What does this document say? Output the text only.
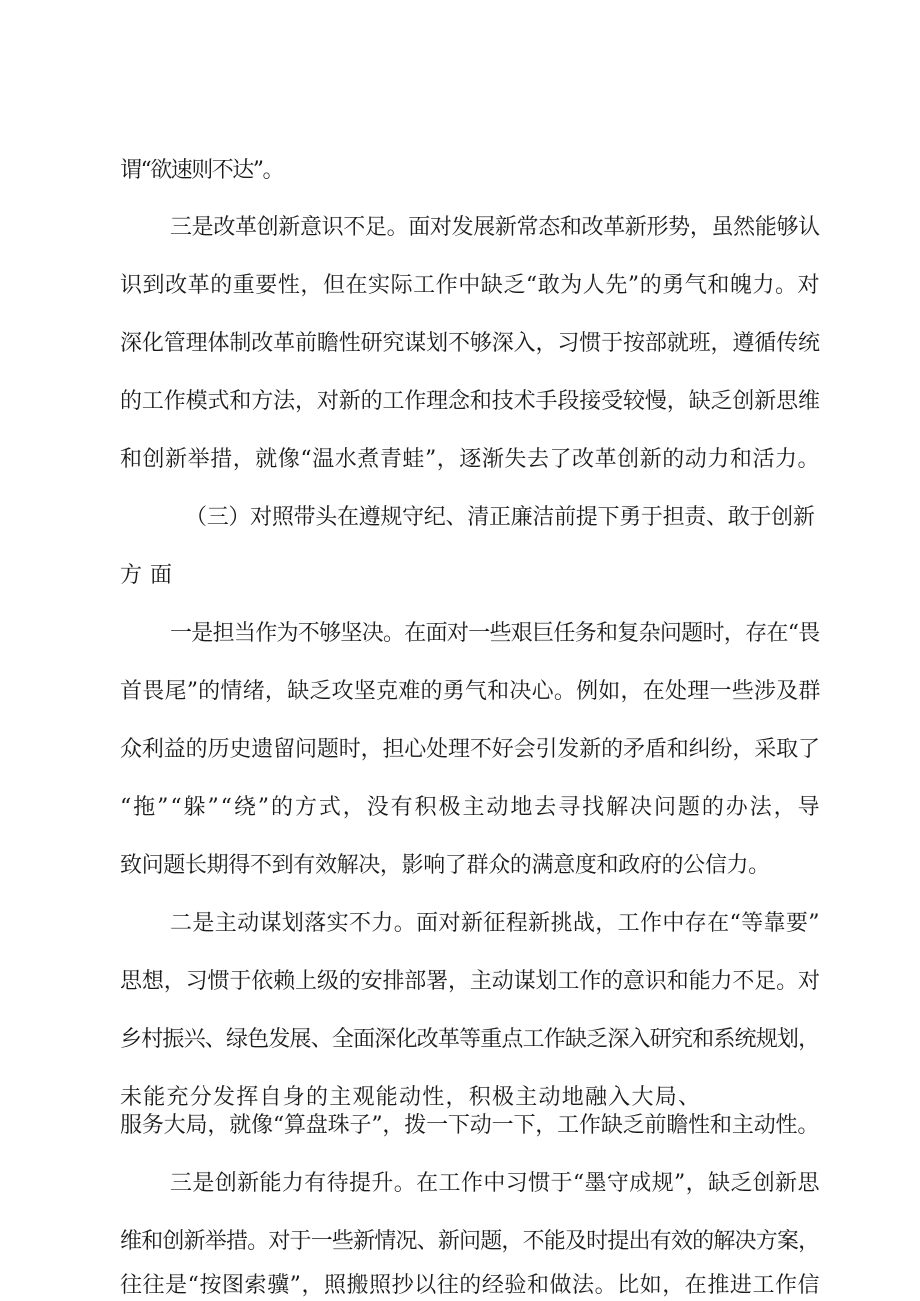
谓“欲速则不达”。

三是改革创新意识不足。面对发展新常态和改革新形势，虽然能够认

识到改革的重要性，但在实际工作中缺乏“敢为人先”的勇气和魄力。对

深化管理体制改革前瞻性研究谋划不够深入，习惯于按部就班，遵循传统

的工作模式和方法，对新的工作理念和技术手段接受较慢，缺乏创新思维

和创新举措，就像“温水煮青蛙”，逐渐失去了改革创新的动力和活力。

（三）对照带头在遵规守纪、清正廉洁前提下勇于担责、敢于创新

方面

一是担当作为不够坚决。在面对一些艰巨任务和复杂问题时，存在“畏

首畏尾”的情绪，缺乏攻坚克难的勇气和决心。例如，在处理一些涉及群

众利益的历史遗留问题时，担心处理不好会引发新的矛盾和纠纷，采取了

“拖”“躲”“绕”的方式，没有积极主动地去寻找解决问题的办法，导

致问题长期得不到有效解决，影响了群众的满意度和政府的公信力。

二是主动谋划落实不力。面对新征程新挑战，工作中存在“等靠要”

思想，习惯于依赖上级的安排部署，主动谋划工作的意识和能力不足。对

乡村振兴、绿色发展、全面深化改革等重点工作缺乏深入研究和系统规划，

未能充分发挥自身的主观能动性，积极主动地融入大局、

服务大局，就像“算盘珠子”，拨一下动一下，工作缺乏前瞻性和主动性。

三是创新能力有待提升。在工作中习惯于“墨守成规”，缺乏创新思

维和创新举措。对于一些新情况、新问题，不能及时提出有效的解决方案，

往往是“按图索骥”，照搬照抄以往的经验和做法。比如，在推进工作信
